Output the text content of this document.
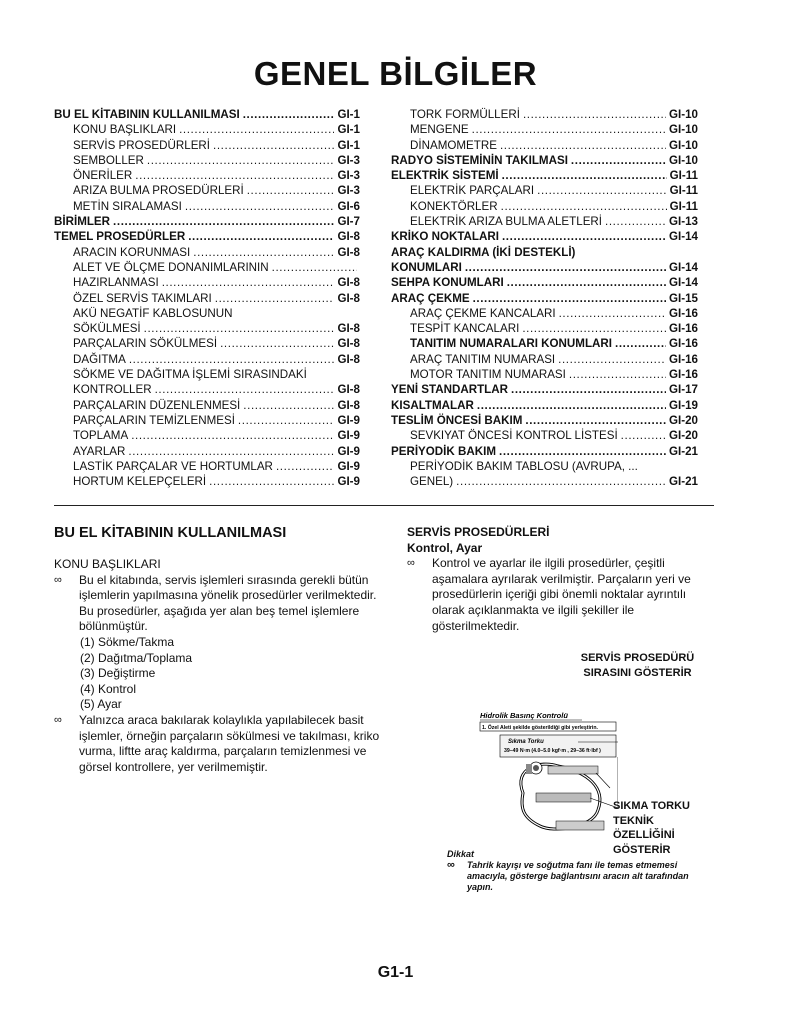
GENEL BİLGİLER
BU EL KİTABININ KULLANILMASI .....	GI-1
KONU BAŞLIKLARI .....	GI-1
SERVİS PROSEDÜRLERİ .....	GI-1
SEMBOLLER .....	GI-3
ÖNERİLER .....	GI-3
ARIZA BULMA PROSEDÜRLERİ .....	GI-3
METİN SIRALAMASI .....	GI-6
BİRİMLER .....	GI-7
TEMEL PROSEDÜRLER .....	GI-8
ARACIN KORUNMASI .....	GI-8
ALET VE ÖLÇME DONANIMLARININ
.....
HAZIRLANMASI .....	GI-8
ÖZEL SERVİS TAKIMLARI .....	GI-8
AKÜ NEGATİF KABLOSUNUN
SÖKÜLMESİ .....	GI-8
PARÇALARIN SÖKÜLMESİ .....	GI-8
DAĞITMA .....	GI-8
SÖKME VE DAĞITMA İŞLEMİ SIRASINDAKİ
KONTROLLER .....	GI-8
PARÇALARIN DÜZENLENMESİ .....	GI-8
PARÇALARIN TEMİZLENMESİ .....	GI-9
TOPLAMA .....	GI-9
AYARLAR .....	GI-9
LASTİK PARÇALAR VE HORTUMLAR .....	GI-9
HORTUM KELEPÇELERİ .....	GI-9
TORK FORMÜLLERİ .....	GI-10
MENGENE .....	GI-10
DİNAMOMETRE .....	GI-10
RADYO SİSTEMİNİN TAKILMASI .....	GI-10
ELEKTRİK SİSTEMİ .....	GI-11
ELEKTRİK PARÇALARI .....	GI-11
KONEKTÖRLER .....	GI-11
ELEKTRİK ARIZA BULMA ALETLERİ .....	GI-13
KRİKO NOKTALARI .....	GI-14
ARAÇ KALDIRMA (İKİ DESTEKLİ)
KONUMLARI .....	GI-14
SEHPA KONUMLARI .....	GI-14
ARAÇ ÇEKME .....	GI-15
ARAÇ ÇEKME KANCALARI .....	GI-16
TESPİT KANCALARI .....	GI-16
TANITIM NUMARALARI KONUMLARI .....	GI-16
ARAÇ TANITIM NUMARASI .....	GI-16
MOTOR TANITIM NUMARASI .....	GI-16
YENİ STANDARTLAR .....	GI-17
KISALTMALAR .....	GI-19
TESLİM ÖNCESİ BAKIM .....	GI-20
SEVKIYAT ÖNCESİ KONTROL LİSTESİ .....	GI-20
PERİYODİK BAKIM .....	GI-21
PERİYODİK BAKIM TABLOSU (AVRUPA, ...
GENEL) .....	GI-21
BU EL KİTABININ KULLANILMASI

KONU BAŞLIKLARI

∞	Bu el kitabında, servis işlemleri sırasında gerekli bütün işlemlerin yapılmasına yönelik prosedürler verilmektedir. Bu prosedürler, aşağıda yer alan beş temel işlemlere bölünmüştür.
(1) Sökme/Takma
(2) Dağıtma/Toplama
(3) Değiştirme
(4) Kontrol
(5) Ayar
∞	Yalnızca araca bakılarak kolaylıkla yapılabilecek basit işlemler, örneğin parçaların sökülmesi ve takılması, kriko vurma, liftte araç kaldırma, parçaların temizlenmesi ve görsel kontrollere, yer verilmemiştir.

SERVİS PROSEDÜRLERİ

Kontrol, Ayar

∞	Kontrol ve ayarlar ile ilgili prosedürler, çeşitli aşamalara ayrılarak verilmiştir. Parçaların yeri ve prosedürlerin içeriği gibi önemli noktalar ayrıntılı olarak açıklanmakta ve ilgili şekiller ile gösterilmektedir.
SERVİS PROSEDÜRÜ
SIRASINI GÖSTERİR
Hidrolik Basınç Kontrolü
1. Özel Aleti şekilde gösterildiği gibi yerleştirin.
Sıkma Torku
39–49 N·m (4.0–5.0 kgf·m , 29–36 ft·lbf )
SIKMA TORKU
TEKNİK
ÖZELLİĞİNİ
GÖSTERİR
Dikkat
∞	Tahrik kayışı ve soğutma fanı ile temas etmemesi amacıyla, gösterge bağlantısını aracın alt tarafından yapın.
G1-1
